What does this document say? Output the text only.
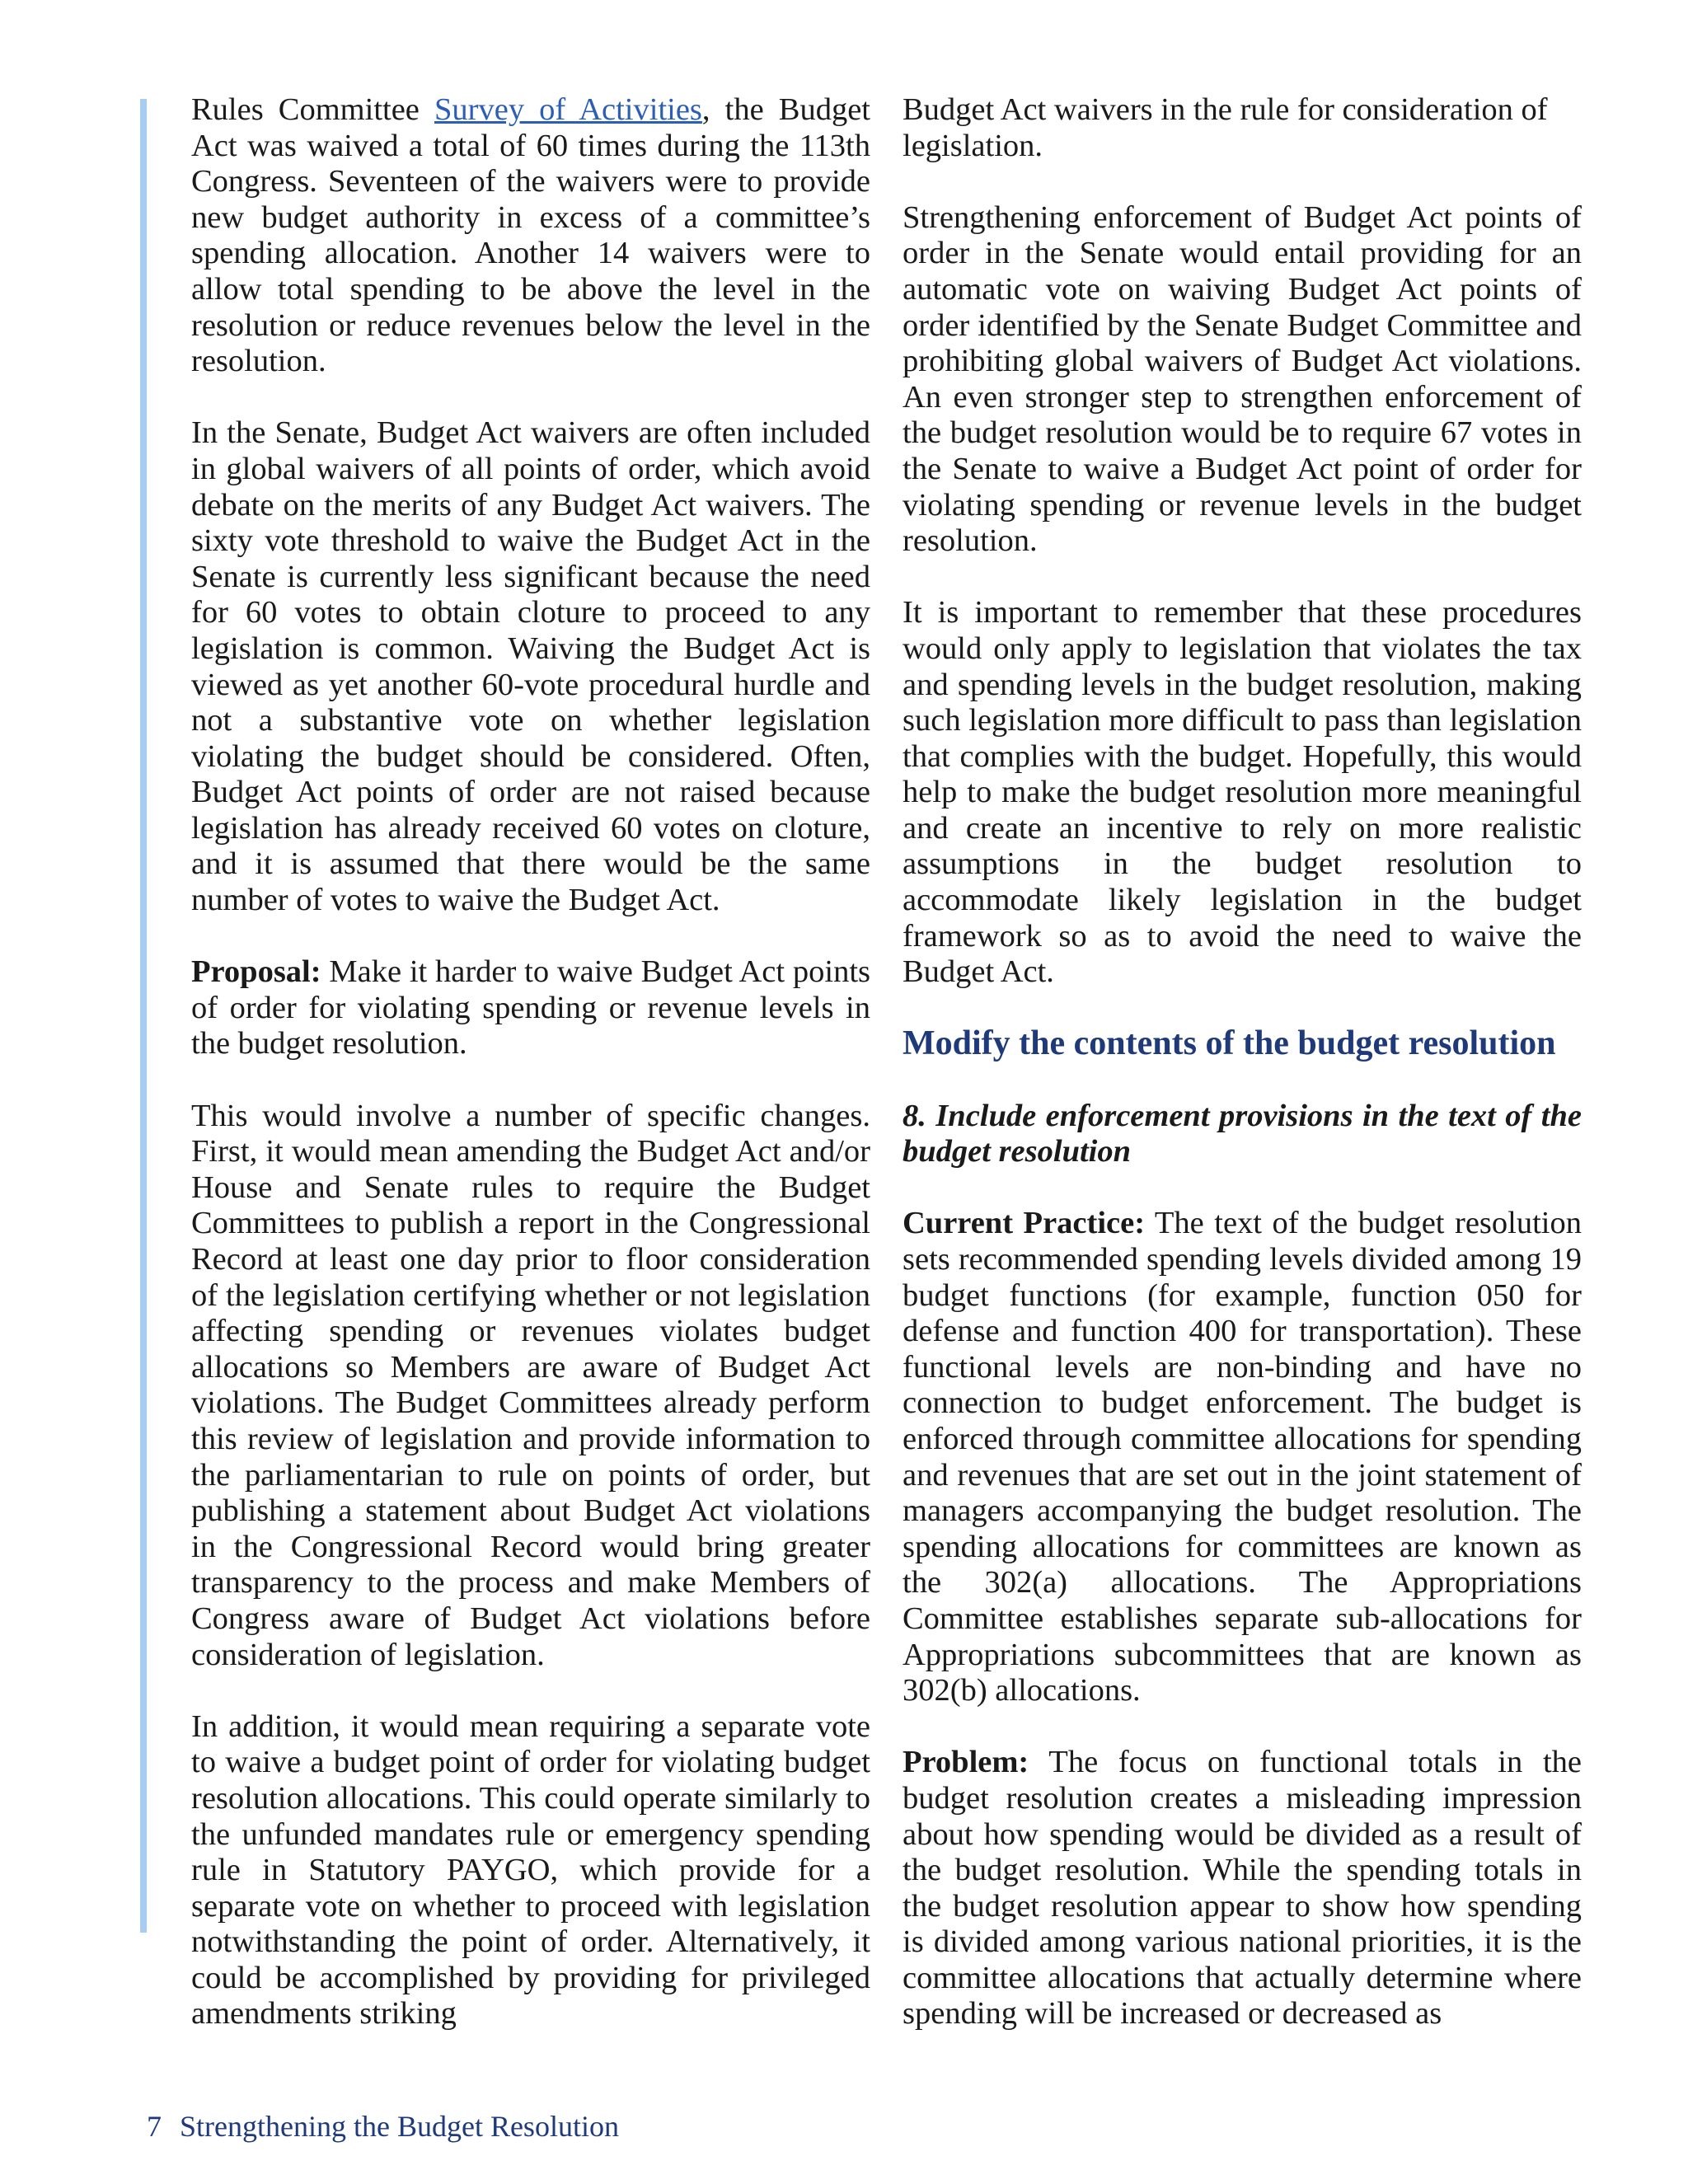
Rules Committee Survey of Activities, the Budget Act was waived a total of 60 times during the 113th Congress. Seventeen of the waivers were to provide new budget authority in excess of a committee’s spending allocation. Another 14 waivers were to allow total spending to be above the level in the resolution or reduce revenues below the level in the resolution.

In the Senate, Budget Act waivers are often included in global waivers of all points of order, which avoid debate on the merits of any Budget Act waivers. The sixty vote threshold to waive the Budget Act in the Senate is currently less significant because the need for 60 votes to obtain cloture to proceed to any legislation is common. Waiving the Budget Act is viewed as yet another 60-vote procedural hurdle and not a substantive vote on whether legislation violating the budget should be considered. Often, Budget Act points of order are not raised because legislation has already received 60 votes on cloture, and it is assumed that there would be the same number of votes to waive the Budget Act.

Proposal: Make it harder to waive Budget Act points of order for violating spending or revenue levels in the budget resolution.

This would involve a number of specific changes. First, it would mean amending the Budget Act and/or House and Senate rules to require the Budget Committees to publish a report in the Congressional Record at least one day prior to floor consideration of the legislation certifying whether or not legislation affecting spending or revenues violates budget allocations so Members are aware of Budget Act violations. The Budget Committees already perform this review of legislation and provide information to the parliamentarian to rule on points of order, but publishing a statement about Budget Act violations in the Congressional Record would bring greater transparency to the process and make Members of Congress aware of Budget Act violations before consideration of legislation.

In addition, it would mean requiring a separate vote to waive a budget point of order for violating budget resolution allocations. This could operate similarly to the unfunded mandates rule or emergency spending rule in Statutory PAYGO, which provide for a separate vote on whether to proceed with legislation notwithstanding the point of order. Alternatively, it could be accomplished by providing for privileged amendments striking

Budget Act waivers in the rule for consideration of legislation.

Strengthening enforcement of Budget Act points of order in the Senate would entail providing for an automatic vote on waiving Budget Act points of order identified by the Senate Budget Committee and prohibiting global waivers of Budget Act violations. An even stronger step to strengthen enforcement of the budget resolution would be to require 67 votes in the Senate to waive a Budget Act point of order for violating spending or revenue levels in the budget resolution.

It is important to remember that these procedures would only apply to legislation that violates the tax and spending levels in the budget resolution, making such legislation more difficult to pass than legislation that complies with the budget. Hopefully, this would help to make the budget resolution more meaningful and create an incentive to rely on more realistic assumptions in the budget resolution to accommodate likely legislation in the budget framework so as to avoid the need to waive the Budget Act.

Modify the contents of the budget resolution

8. Include enforcement provisions in the text of the budget resolution

Current Practice: The text of the budget resolution sets recommended spending levels divided among 19 budget functions (for example, function 050 for defense and function 400 for transportation). These functional levels are non-binding and have no connection to budget enforcement. The budget is enforced through committee allocations for spending and revenues that are set out in the joint statement of managers accompanying the budget resolution. The spending allocations for committees are known as the 302(a) allocations. The Appropriations Committee establishes separate sub-allocations for Appropriations subcommittees that are known as 302(b) allocations.

Problem: The focus on functional totals in the budget resolution creates a misleading impression about how spending would be divided as a result of the budget resolution. While the spending totals in the budget resolution appear to show how spending is divided among various national priorities, it is the committee allocations that actually determine where spending will be increased or decreased as

7 Strengthening the Budget Resolution
